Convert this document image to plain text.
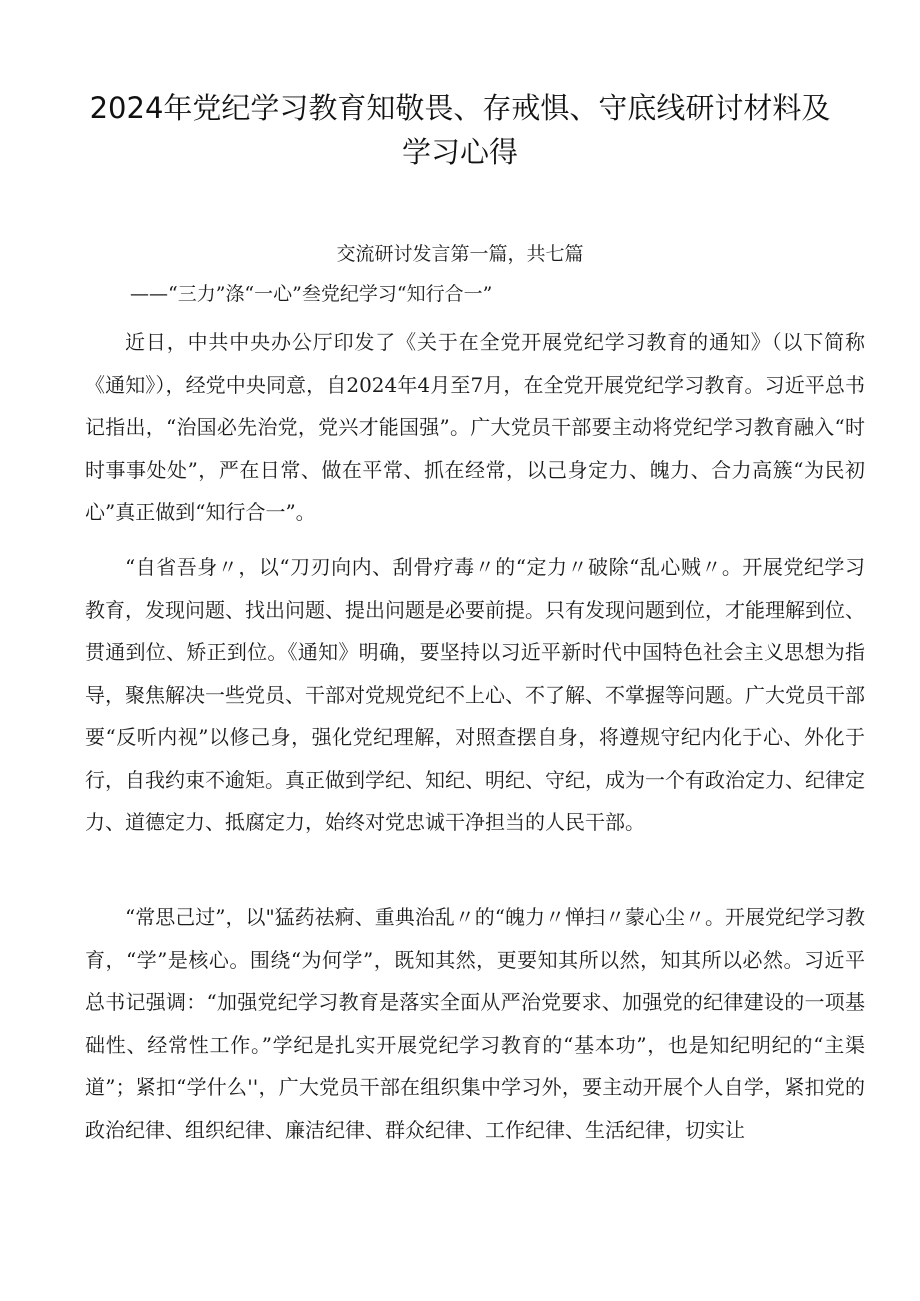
2024年党纪学习教育知敬畏、存戒惧、守底线研讨材料及学习心得

交流研讨发言第一篇，共七篇

——“三力”涤“一心”叁党纪学习“知行合一”

近日，中共中央办公厅印发了《关于在全党开展党纪学习教育的通知》（以下简称《通知》），经党中央同意，自2024年4月至7月，在全党开展党纪学习教育。习近平总书记指出，“治国必先治党，党兴才能国强”。广大党员干部要主动将党纪学习教育融入“时时事事处处”，严在日常、做在平常、抓在经常，以己身定力、魄力、合力高簇“为民初心”真正做到“知行合一”。

“自省吾身〃，以“刀刃向内、刮骨疗毒〃的“定力〃破除“乱心贼〃。开展党纪学习教育，发现问题、找出问题、提出问题是必要前提。只有发现问题到位，才能理解到位、贯通到位、矫正到位。《通知》明确，要坚持以习近平新时代中国特色社会主义思想为指导，聚焦解决一些党员、干部对党规党纪不上心、不了解、不掌握等问题。广大党员干部要“反听内视”以修己身，强化党纪理解，对照查摆自身，将遵规守纪内化于心、外化于行，自我约束不逾矩。真正做到学纪、知纪、明纪、守纪，成为一个有政治定力、纪律定力、道德定力、抵腐定力，始终对党忠诚干净担当的人民干部。

“常思己过”，以"猛药祛痾、重典治乱〃的“魄力〃惮扫〃蒙心尘〃。开展党纪学习教育，“学”是核心。围绕“为何学”，既知其然，更要知其所以然，知其所以必然。习近平总书记强调：“加强党纪学习教育是落实全面从严治党要求、加强党的纪律建设的一项基础性、经常性工作。”学纪是扎实开展党纪学习教育的“基本功”，也是知纪明纪的“主渠道”；紧扣“学什么''，广大党员干部在组织集中学习外，要主动开展个人自学，紧扣党的政治纪律、组织纪律、廉洁纪律、群众纪律、工作纪律、生活纪律，切实让
